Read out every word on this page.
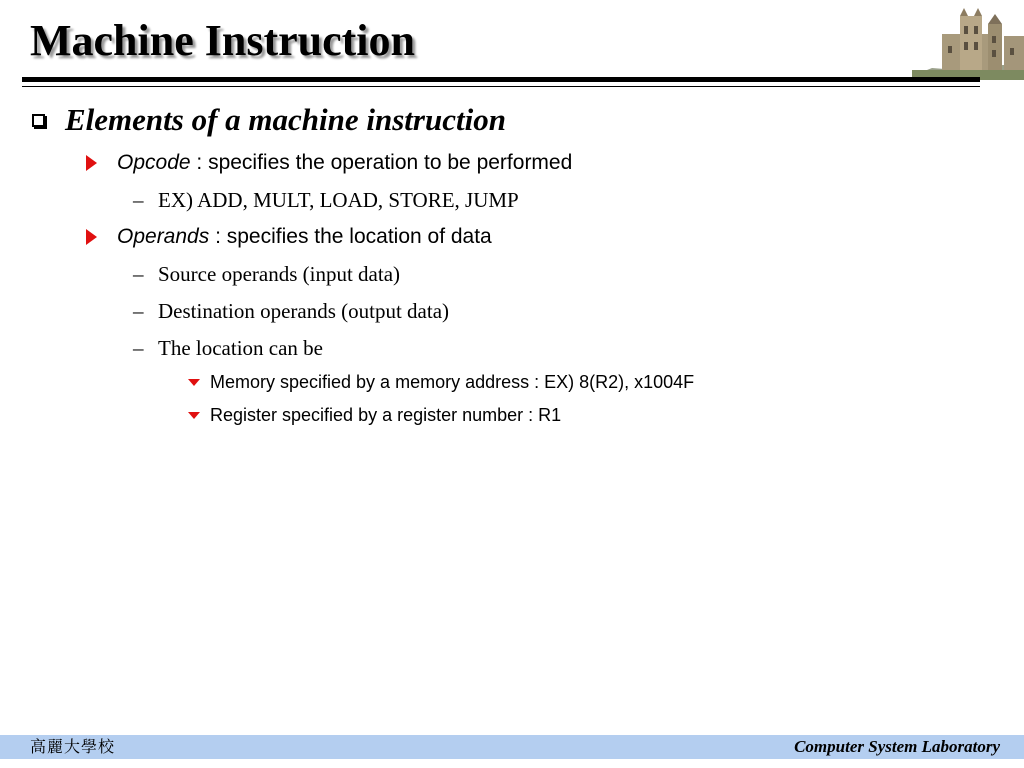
Machine Instruction
Elements of a machine instruction
Opcode : specifies the operation to be performed
– EX) ADD, MULT, LOAD, STORE, JUMP
Operands : specifies the location of data
– Source operands (input data)
– Destination operands (output data)
– The location can be
Memory specified by a memory address : EX) 8(R2), x1004F
Register specified by a register number : R1
高麗大學校	Computer System Laboratory
